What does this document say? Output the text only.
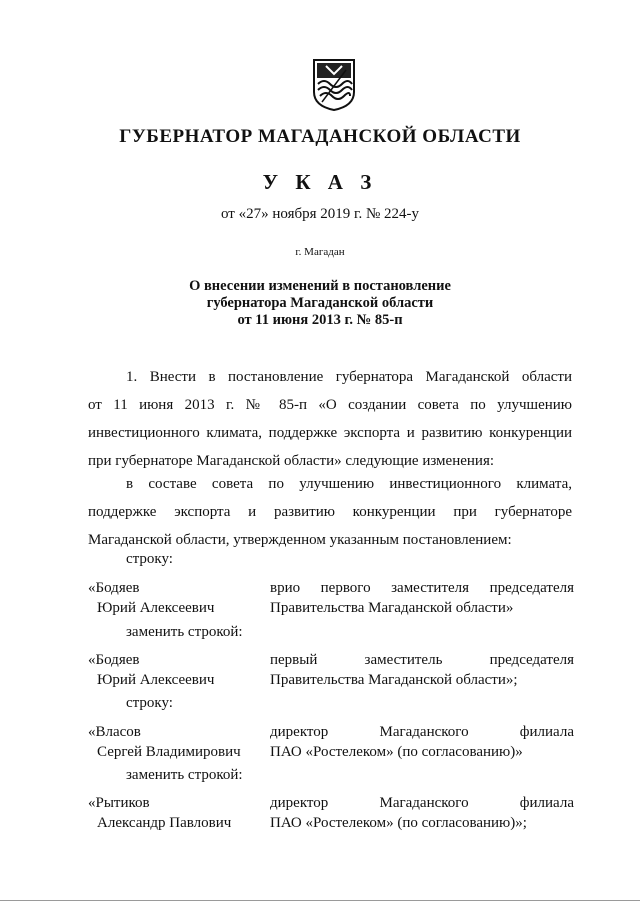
ГУБЕРНАТОР МАГАДАНСКОЙ ОБЛАСТИ
У К А З
от «27» ноября 2019 г. № 224-у
г. Магадан
О внесении изменений в постановление
губернатора Магаданской области
от 11 июня 2013 г. № 85-п
1. Внести в постановление губернатора Магаданской области
от 11 июня 2013 г. № 85-п «О создании совета по улучшению
инвестиционного климата, поддержке экспорта и развитию конкуренции
при губернаторе Магаданской области» следующие изменения:
в составе совета по улучшению инвестиционного климата,
поддержке экспорта и развитию конкуренции при губернаторе
Магаданской области, утвержденном указанным постановлением:
строку:
«Бодяев
Юрий Алексеевич
врио первого заместителя председателя
Правительства Магаданской области»
заменить строкой:
«Бодяев
Юрий Алексеевич
первый заместитель председателя
Правительства Магаданской области»;
строку:
«Власов
Сергей Владимирович
директор Магаданского филиала
ПАО «Ростелеком» (по согласованию)»
заменить строкой:
«Рытиков
Александр Павлович
директор Магаданского филиала
ПАО «Ростелеком» (по согласованию)»;
